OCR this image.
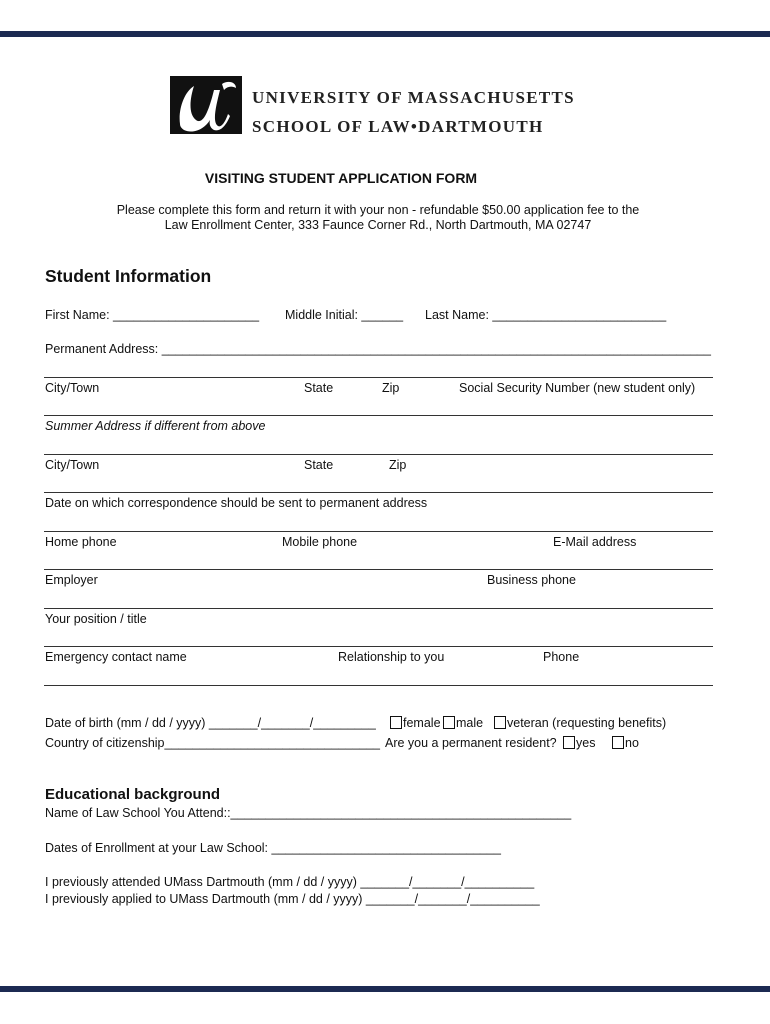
UNIVERSITY OF MASSACHUSETTS
SCHOOL OF LAW•DARTMOUTH
VISITING STUDENT APPLICATION FORM
Please complete this form and return it with your non - refundable $50.00 application fee to the
Law Enrollment Center, 333 Faunce Corner Rd., North Dartmouth, MA 02747
Student Information
First Name: _____________________ Middle Initial: ______ Last Name: _________________________
Permanent Address: _______________________________________________________________________________
City/Town	State	Zip	Social Security Number (new student only)
Summer Address if different from above
City/Town	State	Zip
Date on which correspondence should be sent to permanent address
Home phone	Mobile phone	E-Mail address
Employer	Business phone
Your position / title
Emergency contact name	Relationship to you	Phone
Date of birth (mm / dd / yyyy) _______/_______/_________	female	male	veteran (requesting benefits)
Country of citizenship_______________________________ Are you a permanent resident?	yes	no
Educational background
Name of Law School You Attend::_________________________________________________
Dates of Enrollment at your Law School: _________________________________
I previously attended UMass Dartmouth (mm / dd / yyyy) _______/_______/__________
I previously applied to UMass Dartmouth (mm / dd / yyyy) _______/_______/__________
